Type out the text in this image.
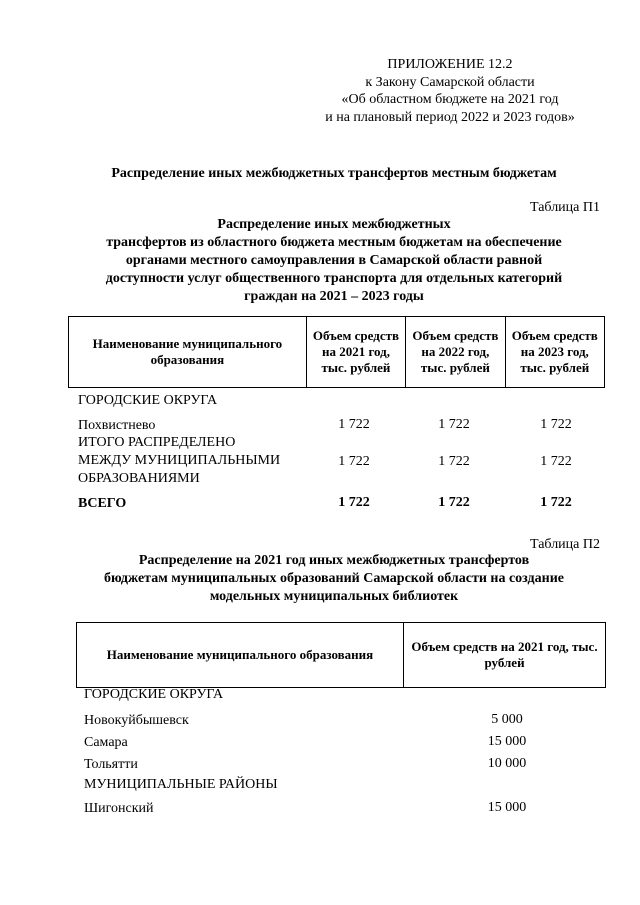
ПРИЛОЖЕНИЕ 12.2
к Закону Самарской области
«Об областном бюджете на 2021 год
и на плановый период 2022 и 2023 годов»
Распределение иных межбюджетных трансфертов местным бюджетам
Таблица П1
Распределение иных межбюджетных
трансфертов из областного бюджета местным бюджетам на обеспечение
органами местного самоуправления в Самарской области равной
доступности услуг общественного транспорта для отдельных категорий
граждан на 2021 – 2023 годы
Наименование муниципального образования	Объем средств на 2021 год, тыс. рублей	Объем средств на 2022 год, тыс. рублей	Объем средств на 2023 год, тыс. рублей
ГОРОДСКИЕ ОКРУГА
Похвистнево	1 722	1 722	1 722
ИТОГО РАСПРЕДЕЛЕНО
МЕЖДУ МУНИЦИПАЛЬНЫМИ
ОБРАЗОВАНИЯМИ
1 722	1 722	1 722
ВСЕГО	1 722	1 722	1 722
Таблица П2
Распределение на 2021 год иных межбюджетных трансфертов
бюджетам муниципальных образований Самарской области на создание
модельных муниципальных библиотек
Наименование муниципального образования	Объем средств на 2021 год, тыс. рублей
ГОРОДСКИЕ ОКРУГА
Новокуйбышевск	5 000
Самара	15 000
Тольятти	10 000
МУНИЦИПАЛЬНЫЕ РАЙОНЫ
Шигонский	15 000
